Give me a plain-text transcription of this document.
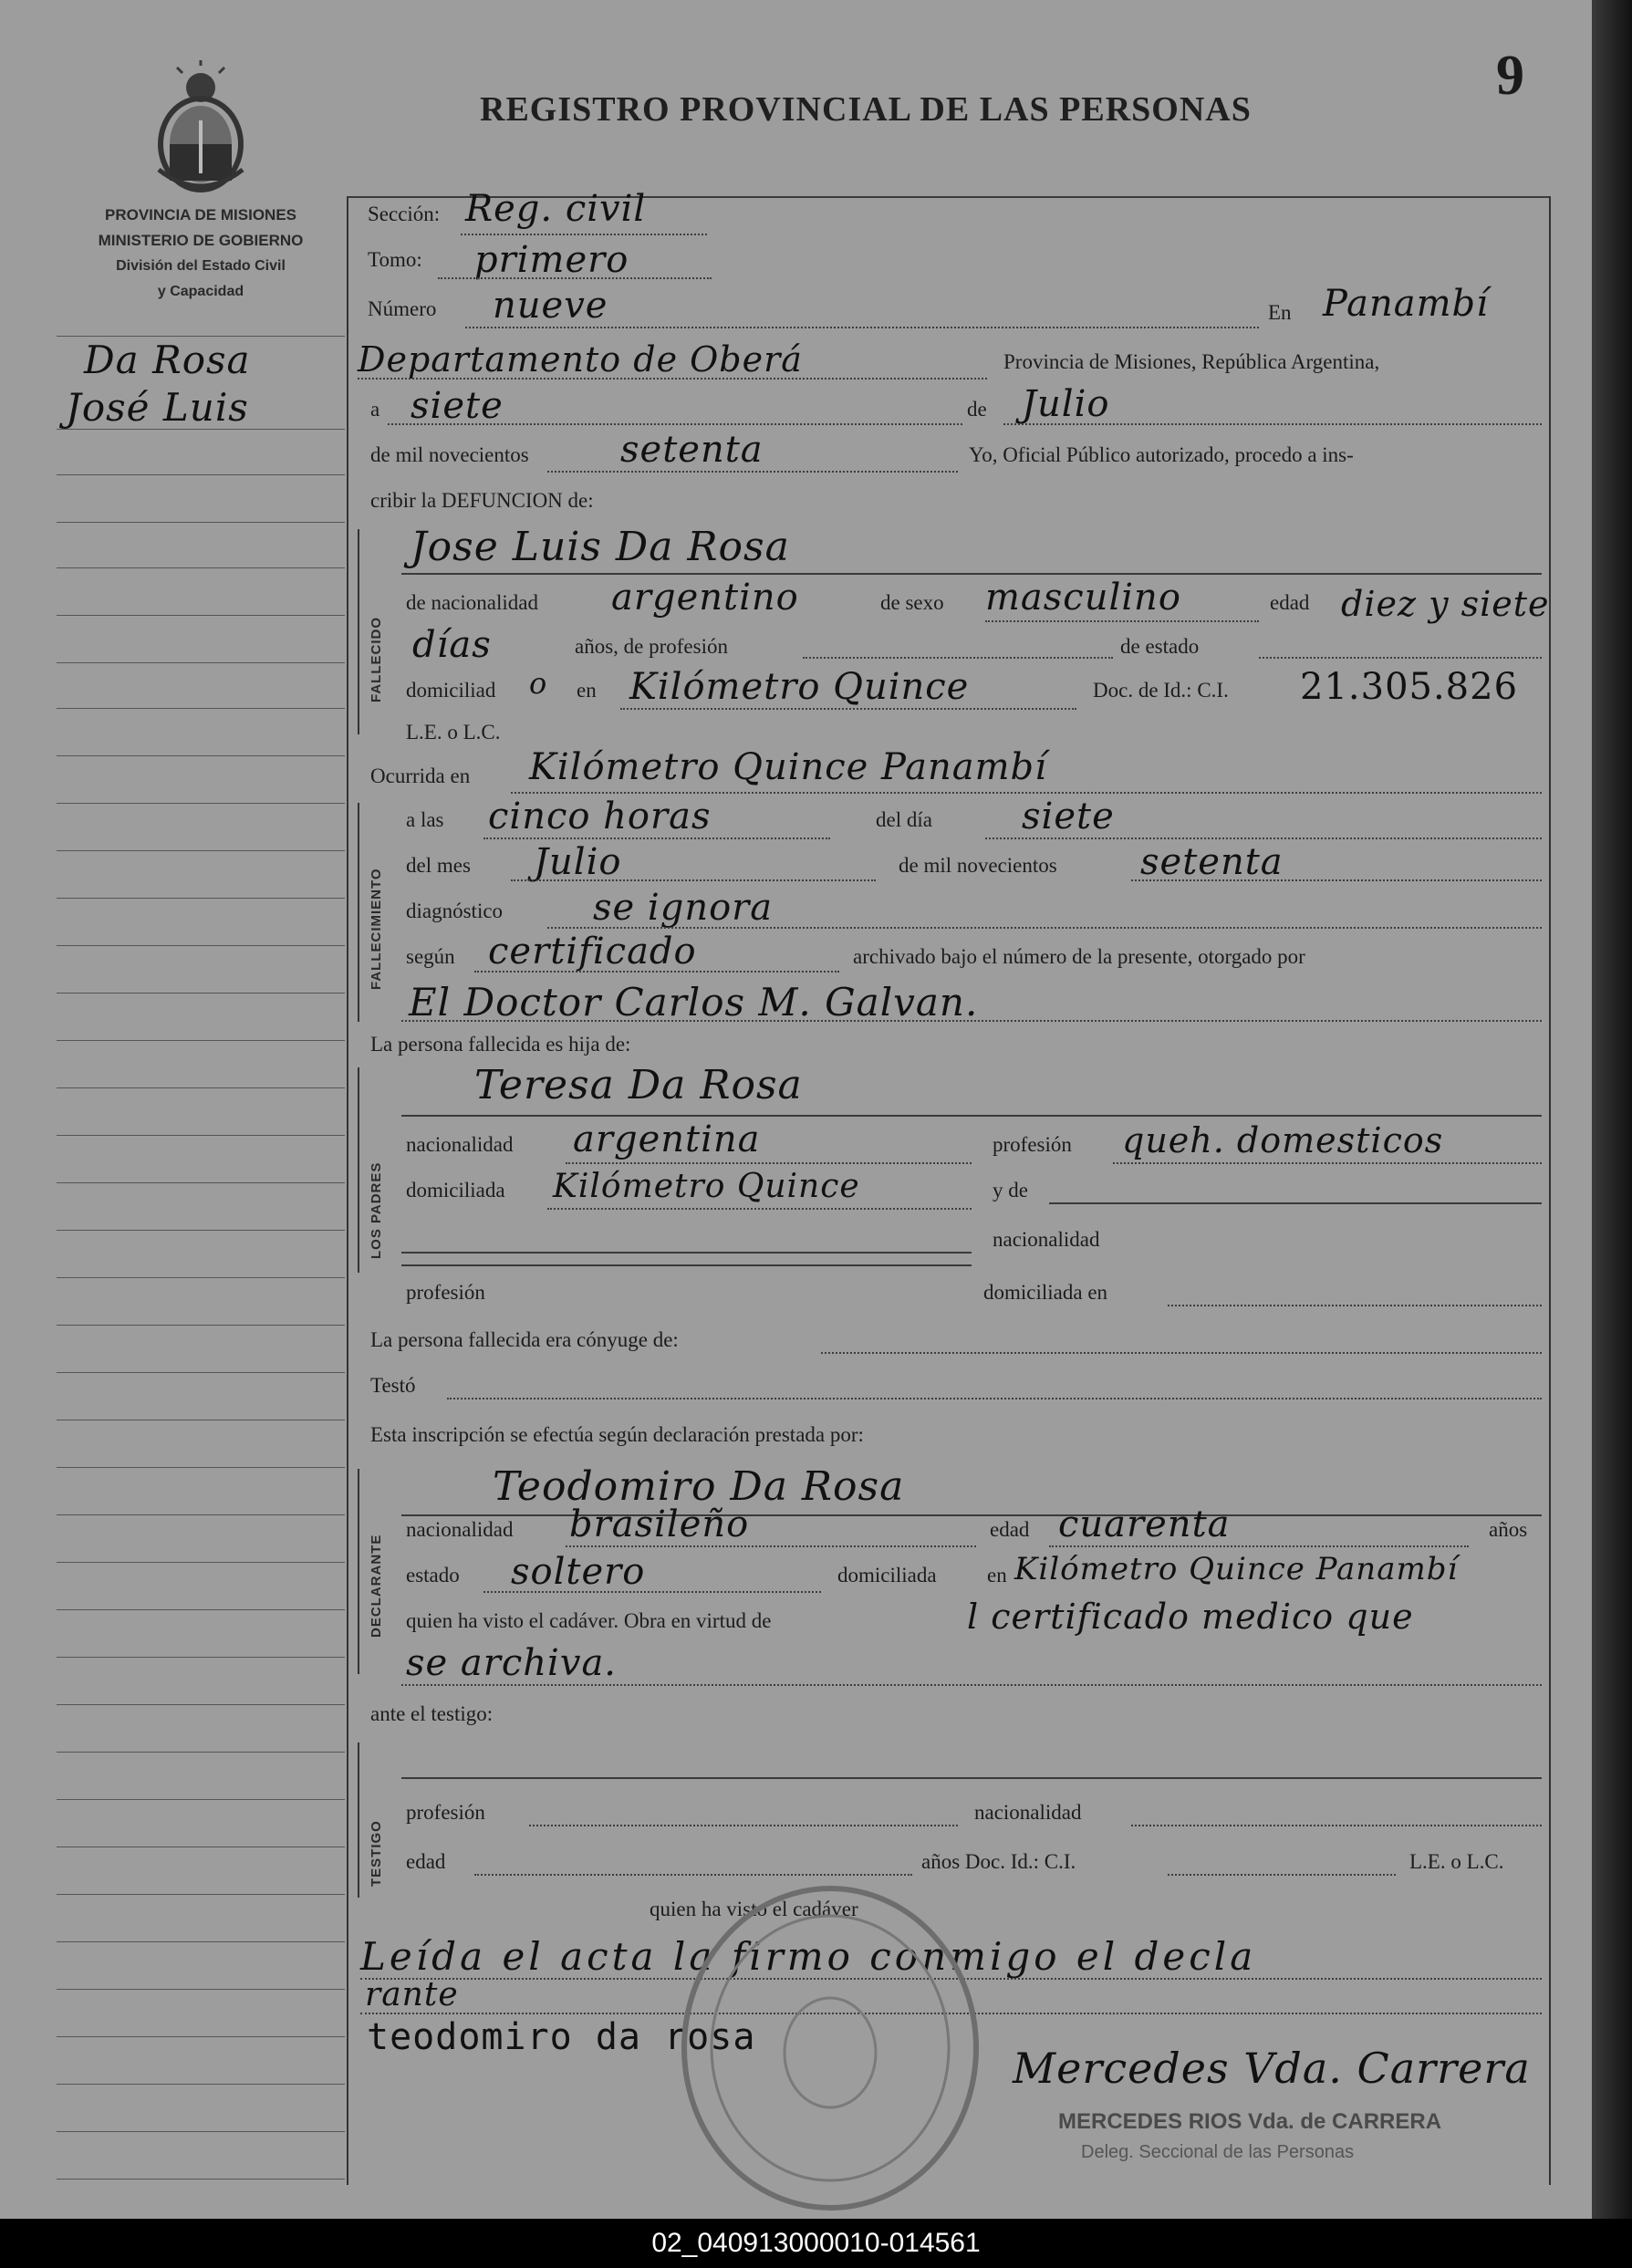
9
REGISTRO PROVINCIAL DE LAS PERSONAS
PROVINCIA DE MISIONES
MINISTERIO DE GOBIERNO
División del Estado Civil
y Capacidad
Da Rosa
José Luis
Sección: Reg. civil
Tomo: primero
Número nueve	En Panambí
Departamento de Oberá	Provincia de Misiones, República Argentina,
a siete	de Julio
de mil novecientos	setenta	Yo, Oficial Público autorizado, procedo a ins-
cribir la DEFUNCION de:
FALLECIDO
Jose Luis Da Rosa
de nacionalidad argentino	de sexo masculino	edad diez y siete
días	años, de profesión	de estado
domiciliad o en Kilómetro Quince	Doc. de Id.: C.I. 21.305.826
L.E. o L.C.
Ocurrida en Kilómetro Quince Panambí
FALLECIMIENTO
a las cinco horas	del día siete
del mes Julio	de mil novecientos setenta
diagnóstico se ignora
según certificado	archivado bajo el número de la presente, otorgado por
El Doctor Carlos M. Galvan.
La persona fallecida es hija de:
LOS PADRES
Teresa Da Rosa
nacionalidad argentina	profesión queh. domesticos
domiciliada Kilómetro Quince	y de
nacionalidad
profesión	domiciliada en
La persona fallecida era cónyuge de:
Testó
Esta inscripción se efectúa según declaración prestada por:
DECLARANTE
Teodomiro Da Rosa
nacionalidad brasileño	edad cuarenta	años
estado soltero	domiciliada en Kilómetro Quince Panambí
quien ha visto el cadáver. Obra en virtud de	l certificado medico que
se archiva.
ante el testigo:
TESTIGO
profesión	nacionalidad
edad	años Doc. Id.: C.I.	L.E. o L.C.
quien ha visto el cadáver
Leída el acta la firmo conmigo el decla
rante
teodomiro da rosa
Mercedes Vda. Carrera
MERCEDES RIOS Vda. de CARRERA
Deleg. Seccional de las Personas
02_040913000010-014561
